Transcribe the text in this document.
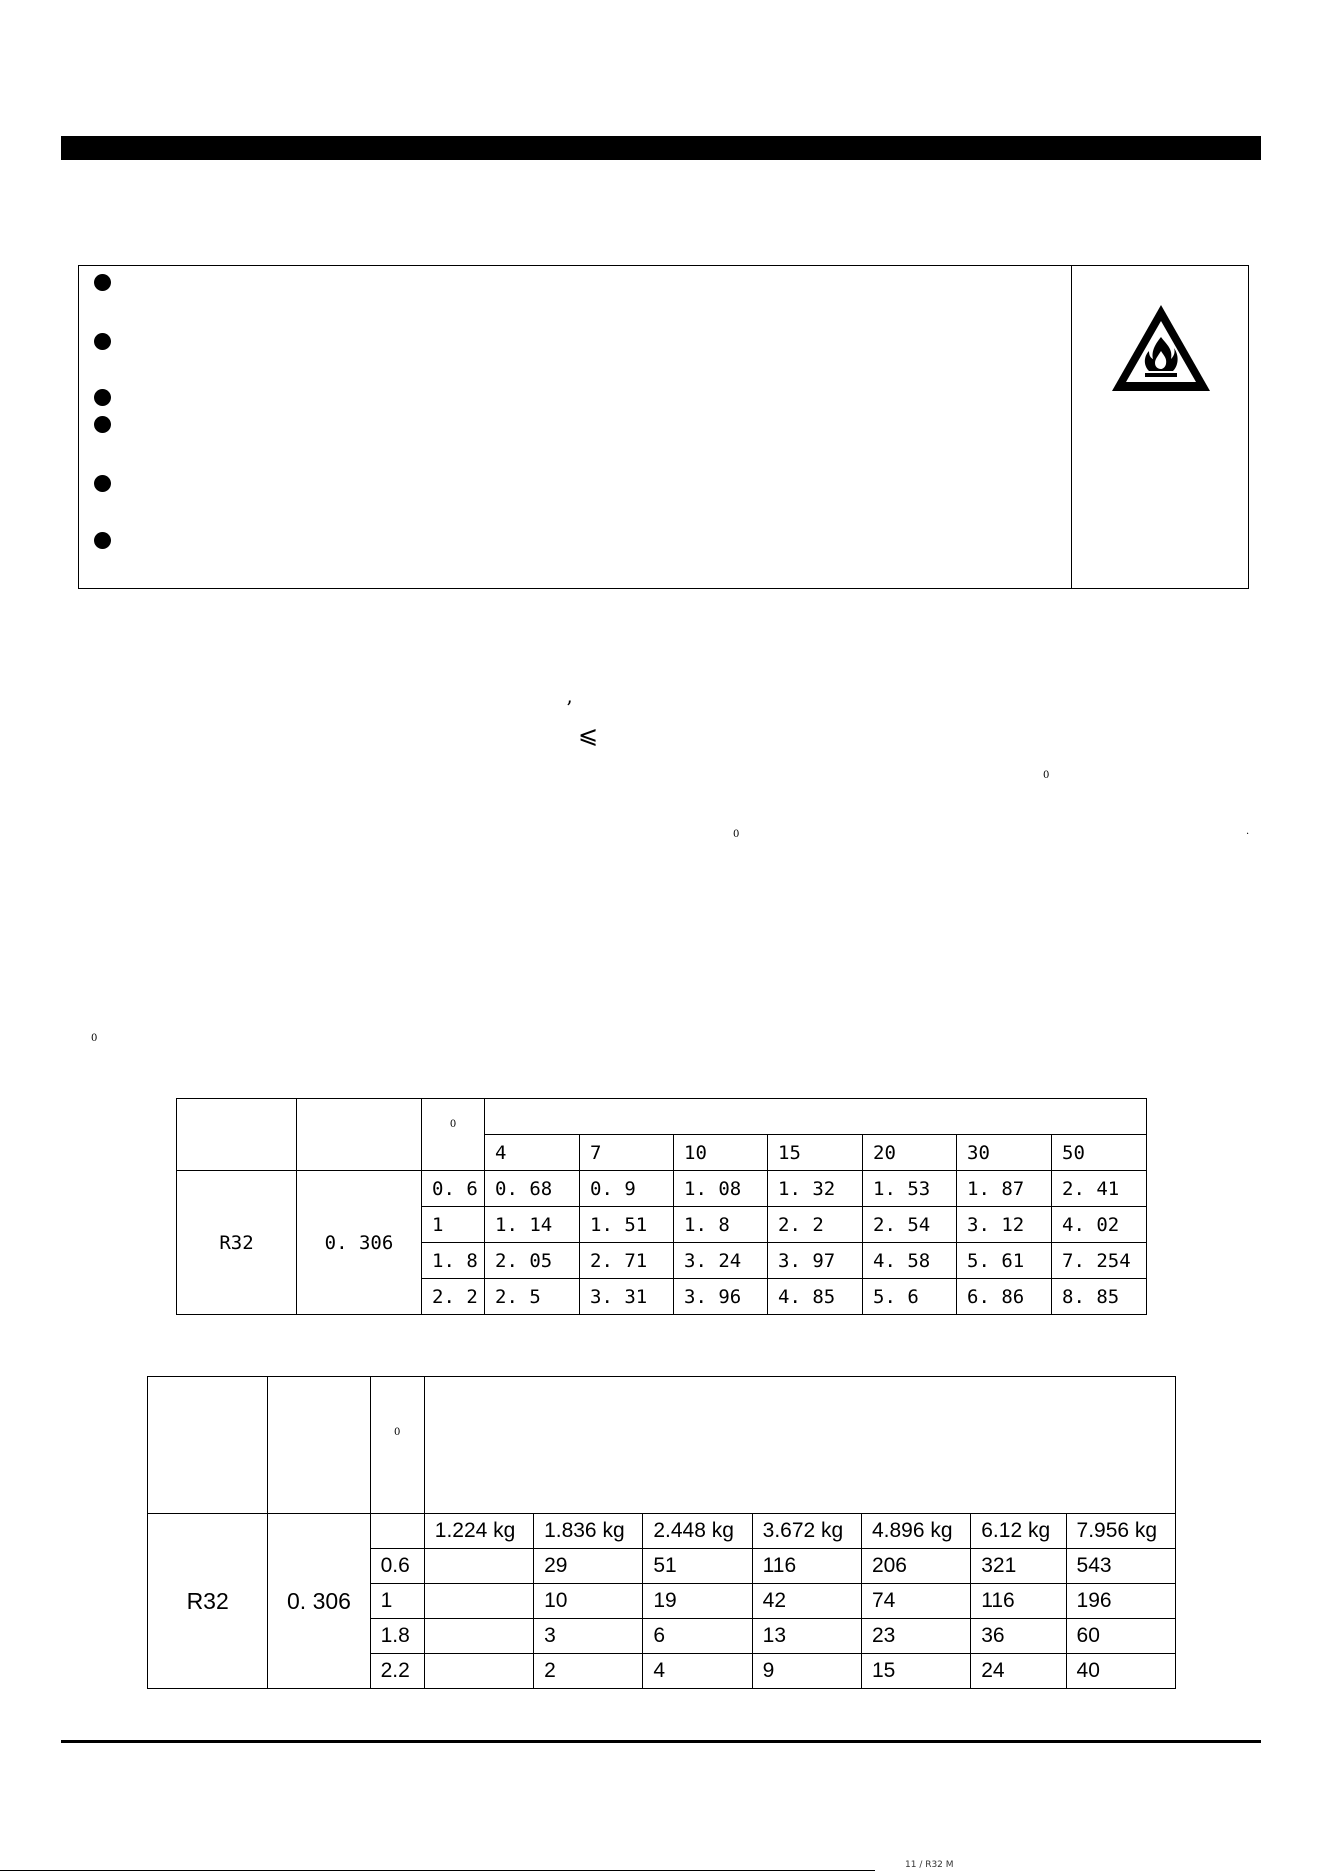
’
⩽
0
0	.
0
		0							
			4	7	10	15	20	30	50
R32	0. 306	0. 6	0. 68	0. 9	1. 08	1. 32	1. 53	1. 87	2. 41
		1	1. 14	1. 51	1. 8	2. 2	2. 54	3. 12	4. 02
		1. 8	2. 05	2. 71	3. 24	3. 97	4. 58	5. 61	7. 254
		2. 2	2. 5	3. 31	3. 96	4. 85	5. 6	6. 86	8. 85
		0							

R32	0. 306		1.224 kg	1.836 kg	2.448 kg	3.672 kg	4.896 kg	6.12 kg	7.956 kg
		0.6		29	51	116	206	321	543
		1		10	19	42	74	116	196
		1.8		3	6	13	23	36	60
		2.2		2	4	9	15	24	40
11 / R32 M
